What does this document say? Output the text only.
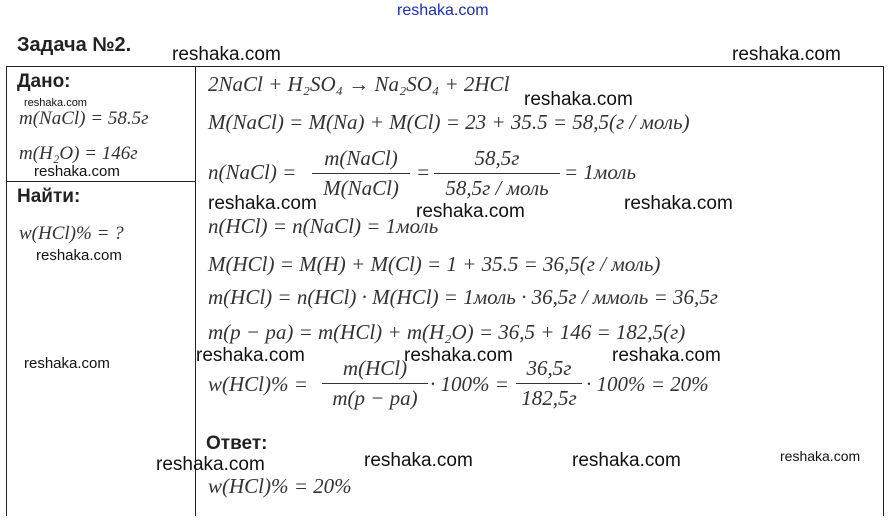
reshaka.com
Задача №2.
Дано:
m(NaCl) = 58.5г
m(H₂O) = 146г
Найти:
w(HCl)% = ?
2NaCl + H₂SO₄ → Na₂SO₄ + 2HCl
M(NaCl) = M(Na) + M(Cl) = 23 + 35.5 = 58,5(г / моль)
n(NaCl) =
m(NaCl)
M(NaCl)
=
58,5г
58,5г / моль
= 1моль
n(HCl) = n(NaCl) = 1моль
M(HCl) = M(H) + M(Cl) = 1 + 35.5 = 36,5(г / моль)
m(HCl) = n(HCl) · M(HCl) = 1моль · 36,5г / ммоль = 36,5г
m(p − pa) = m(HCl) + m(H₂O) = 36,5 + 146 = 182,5(г)
w(HCl)% =
m(HCl)
m(p − pa)
· 100% =
36,5г
182,5г
· 100% = 20%
Ответ:
w(HCl)% = 20%
reshaka.com	reshaka.com
reshaka.com
reshaka.com
reshaka.com
reshaka.com	reshaka.com	reshaka.com
reshaka.com
reshaka.com	reshaka.com	reshaka.com	reshaka.com
reshaka.com	reshaka.com	reshaka.com	reshaka.com
